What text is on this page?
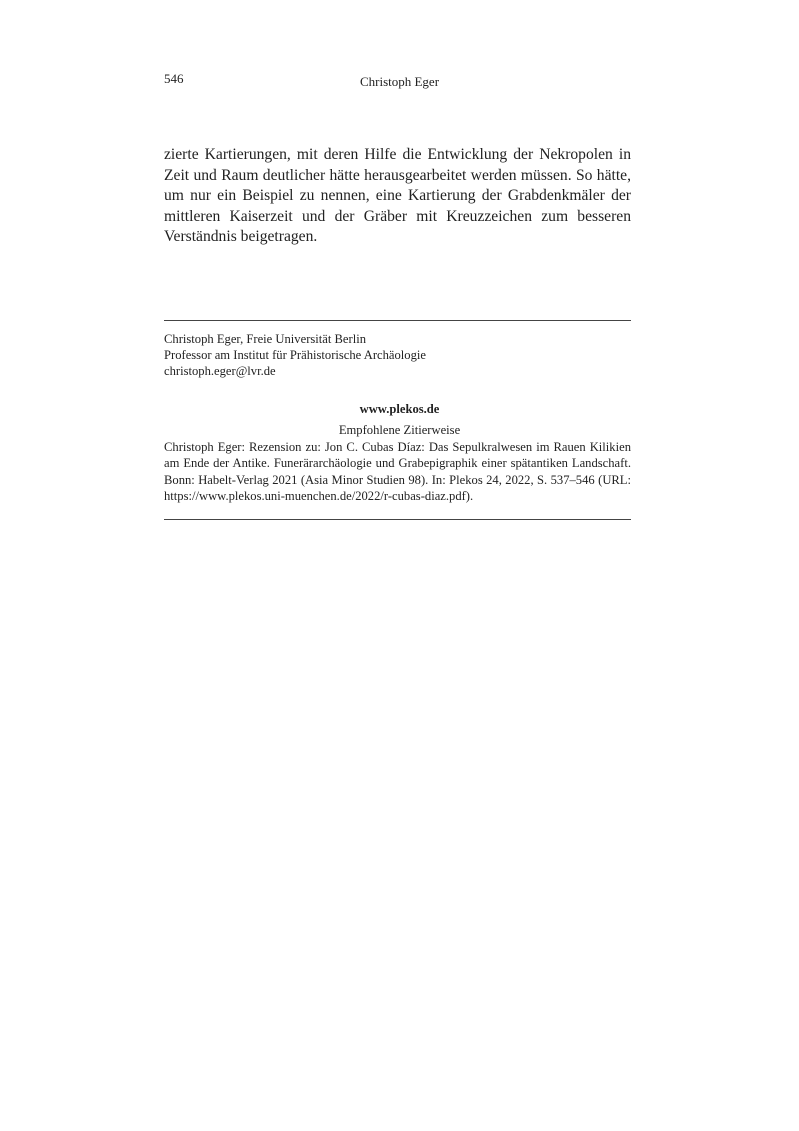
546	Christoph Eger

zierte Kartierungen, mit deren Hilfe die Entwicklung der Nekropolen in Zeit und Raum deutlicher hätte herausgearbeitet werden müssen. So hätte, um nur ein Beispiel zu nennen, eine Kartierung der Grabdenkmäler der mittleren Kaiserzeit und der Gräber mit Kreuzzeichen zum besseren Verständnis beigetragen.

Christoph Eger, Freie Universität Berlin
Professor am Institut für Prähistorische Archäologie
christoph.eger@lvr.de
www.plekos.de
Empfohlene Zitierweise

Christoph Eger: Rezension zu: Jon C. Cubas Díaz: Das Sepulkralwesen im Rauen Kilikien am Ende der Antike. Funerärarchäologie und Grabepigraphik einer spätantiken Landschaft. Bonn: Habelt-Verlag 2021 (Asia Minor Studien 98). In: Plekos 24, 2022, S. 537–546 (URL: https://www.plekos.uni-muenchen.de/2022/r-cubas-diaz.pdf).
